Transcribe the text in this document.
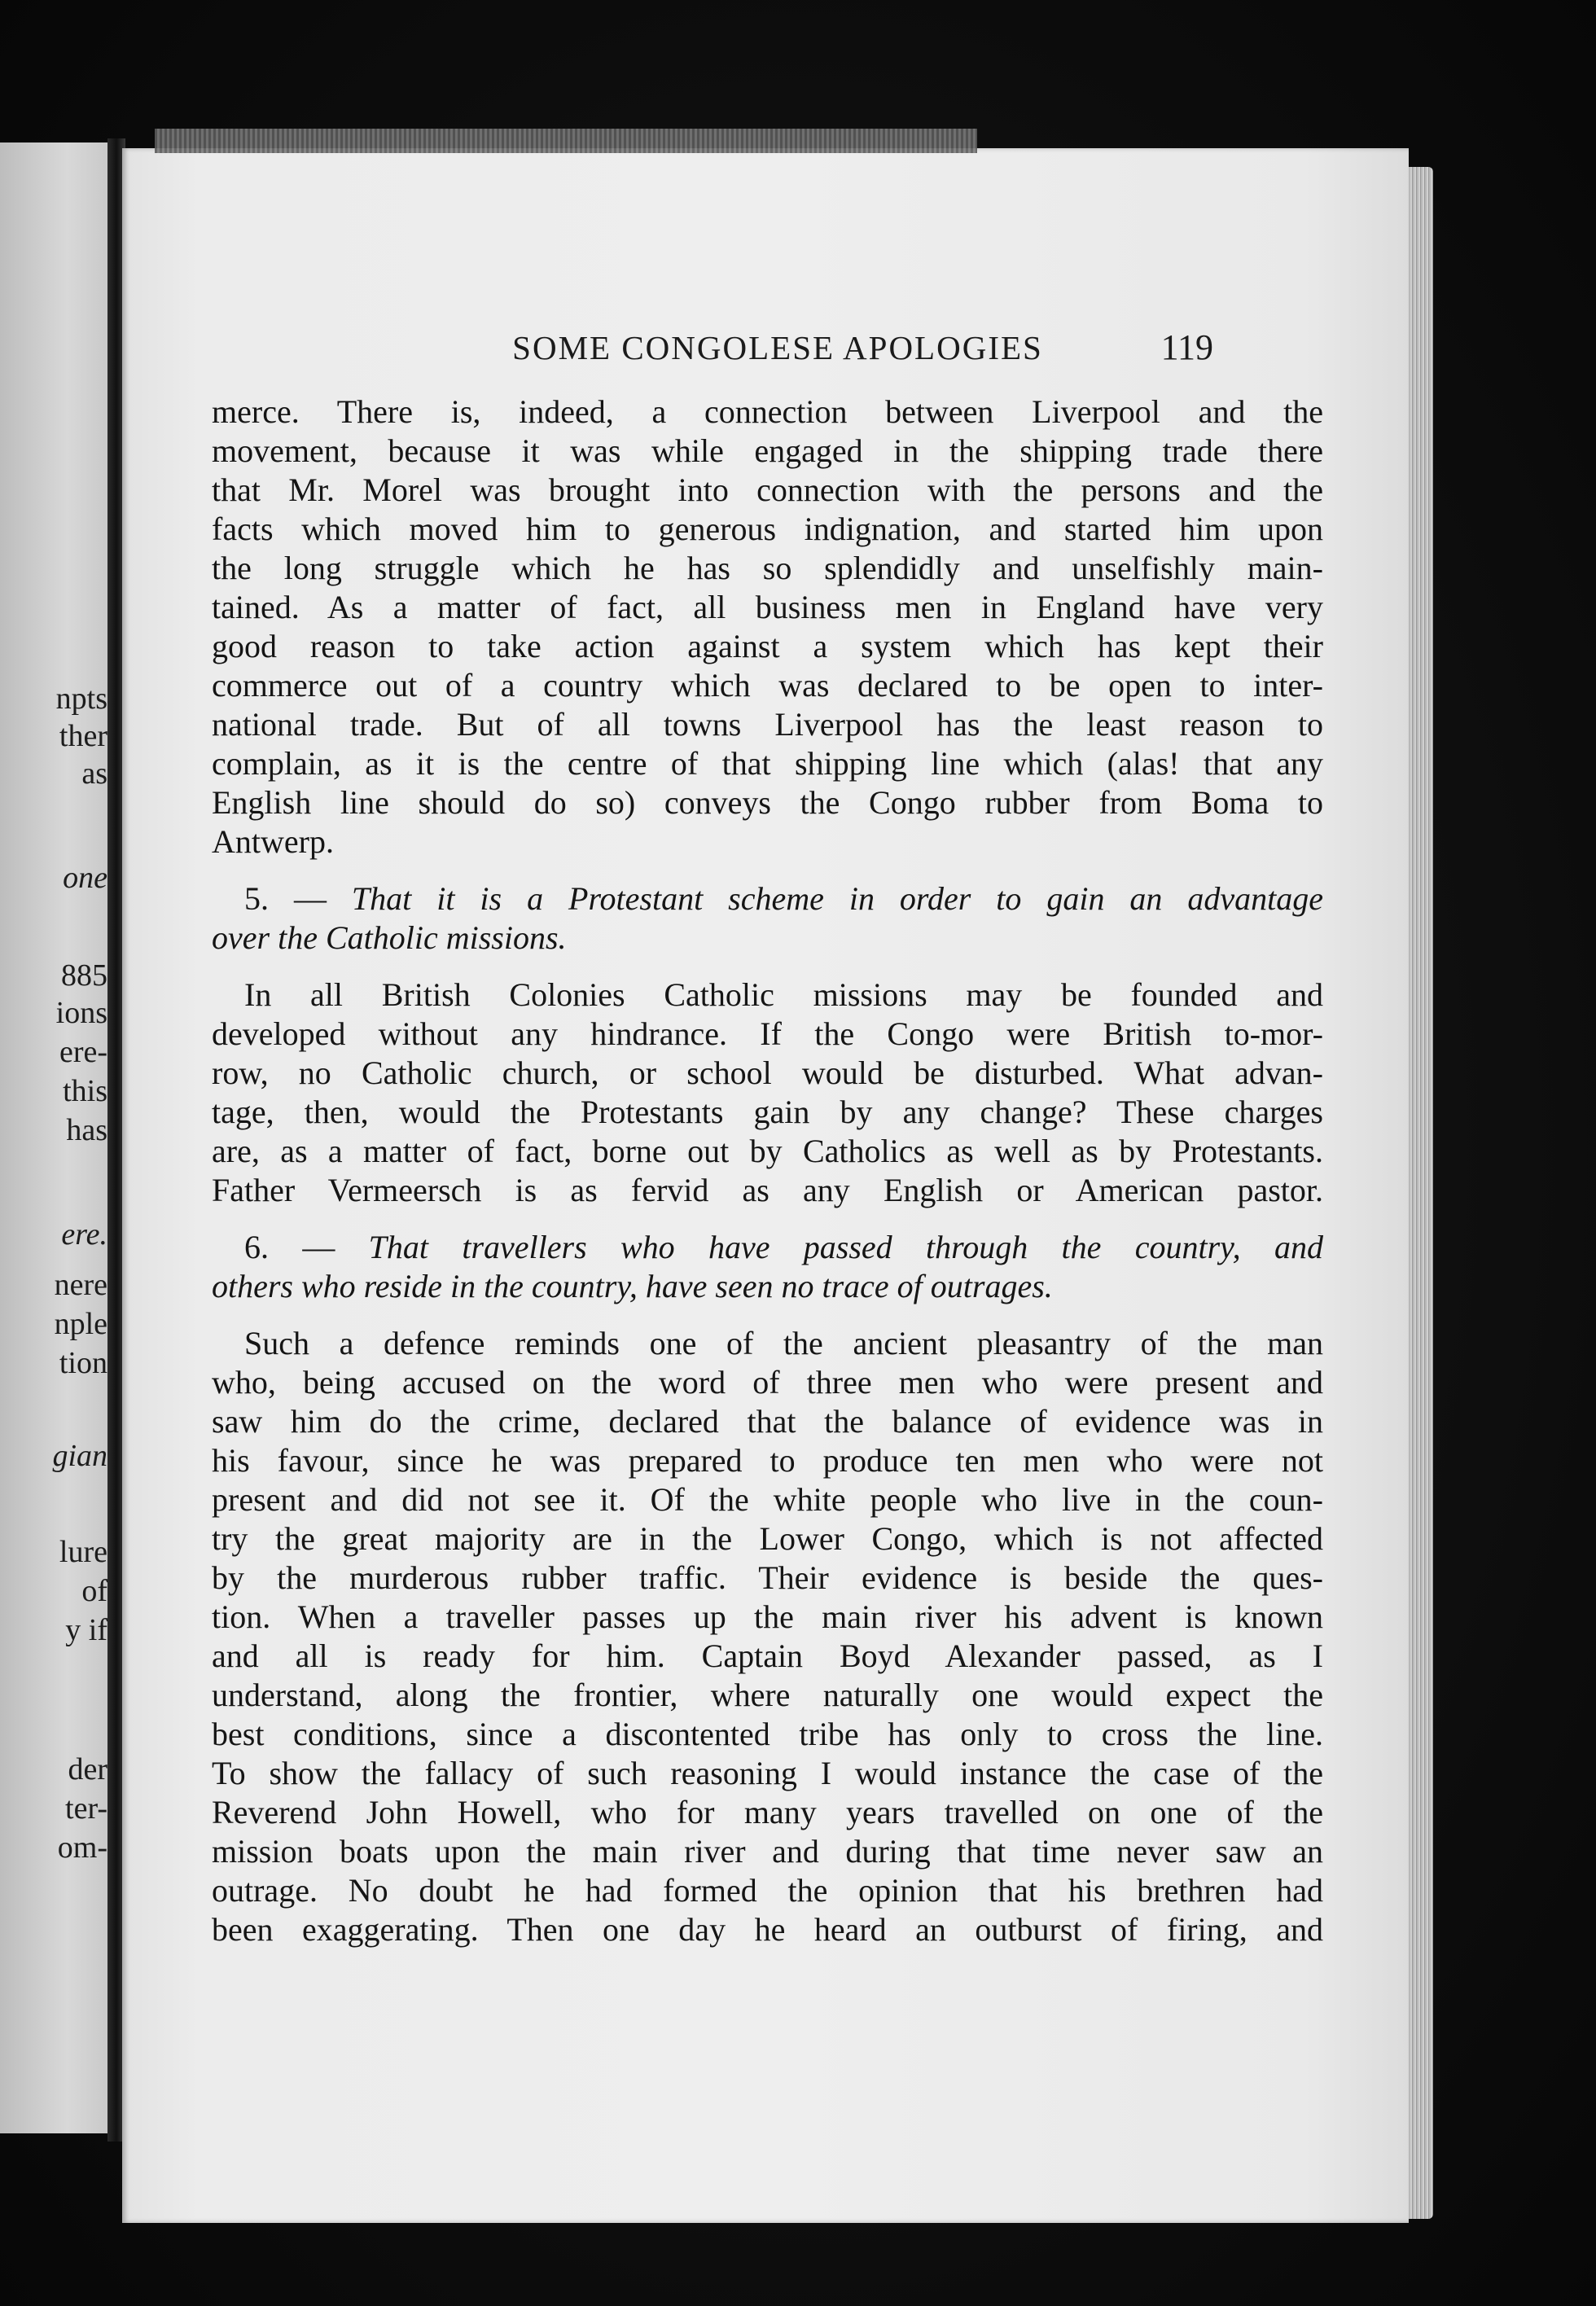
npts
ther
as
one
885
ions
ere-
this
has
ere.
nere
nple
tion
gian
lure
of
y if
der
ter-
om-
SOME CONGOLESE APOLOGIES	119
merce. There is, indeed, a connection between Liverpool and the
movement, because it was while engaged in the shipping trade there
that Mr. Morel was brought into connection with the persons and the
facts which moved him to generous indignation, and started him upon
the long struggle which he has so splendidly and unselfishly main-
tained. As a matter of fact, all business men in England have very
good reason to take action against a system which has kept their
commerce out of a country which was declared to be open to inter-
national trade. But of all towns Liverpool has the least reason to
complain, as it is the centre of that shipping line which (alas! that any
English line should do so) conveys the Congo rubber from Boma to
Antwerp.
5. — That it is a Protestant scheme in order to gain an advantage
over the Catholic missions.
In all British Colonies Catholic missions may be founded and
developed without any hindrance. If the Congo were British to-mor-
row, no Catholic church, or school would be disturbed. What advan-
tage, then, would the Protestants gain by any change? These charges
are, as a matter of fact, borne out by Catholics as well as by Protestants.
Father Vermeersch is as fervid as any English or American pastor.
6. — That travellers who have passed through the country, and
others who reside in the country, have seen no trace of outrages.
Such a defence reminds one of the ancient pleasantry of the man
who, being accused on the word of three men who were present and
saw him do the crime, declared that the balance of evidence was in
his favour, since he was prepared to produce ten men who were not
present and did not see it. Of the white people who live in the coun-
try the great majority are in the Lower Congo, which is not affected
by the murderous rubber traffic. Their evidence is beside the ques-
tion. When a traveller passes up the main river his advent is known
and all is ready for him. Captain Boyd Alexander passed, as I
understand, along the frontier, where naturally one would expect the
best conditions, since a discontented tribe has only to cross the line.
To show the fallacy of such reasoning I would instance the case of the
Reverend John Howell, who for many years travelled on one of the
mission boats upon the main river and during that time never saw an
outrage. No doubt he had formed the opinion that his brethren had
been exaggerating. Then one day he heard an outburst of firing, and
